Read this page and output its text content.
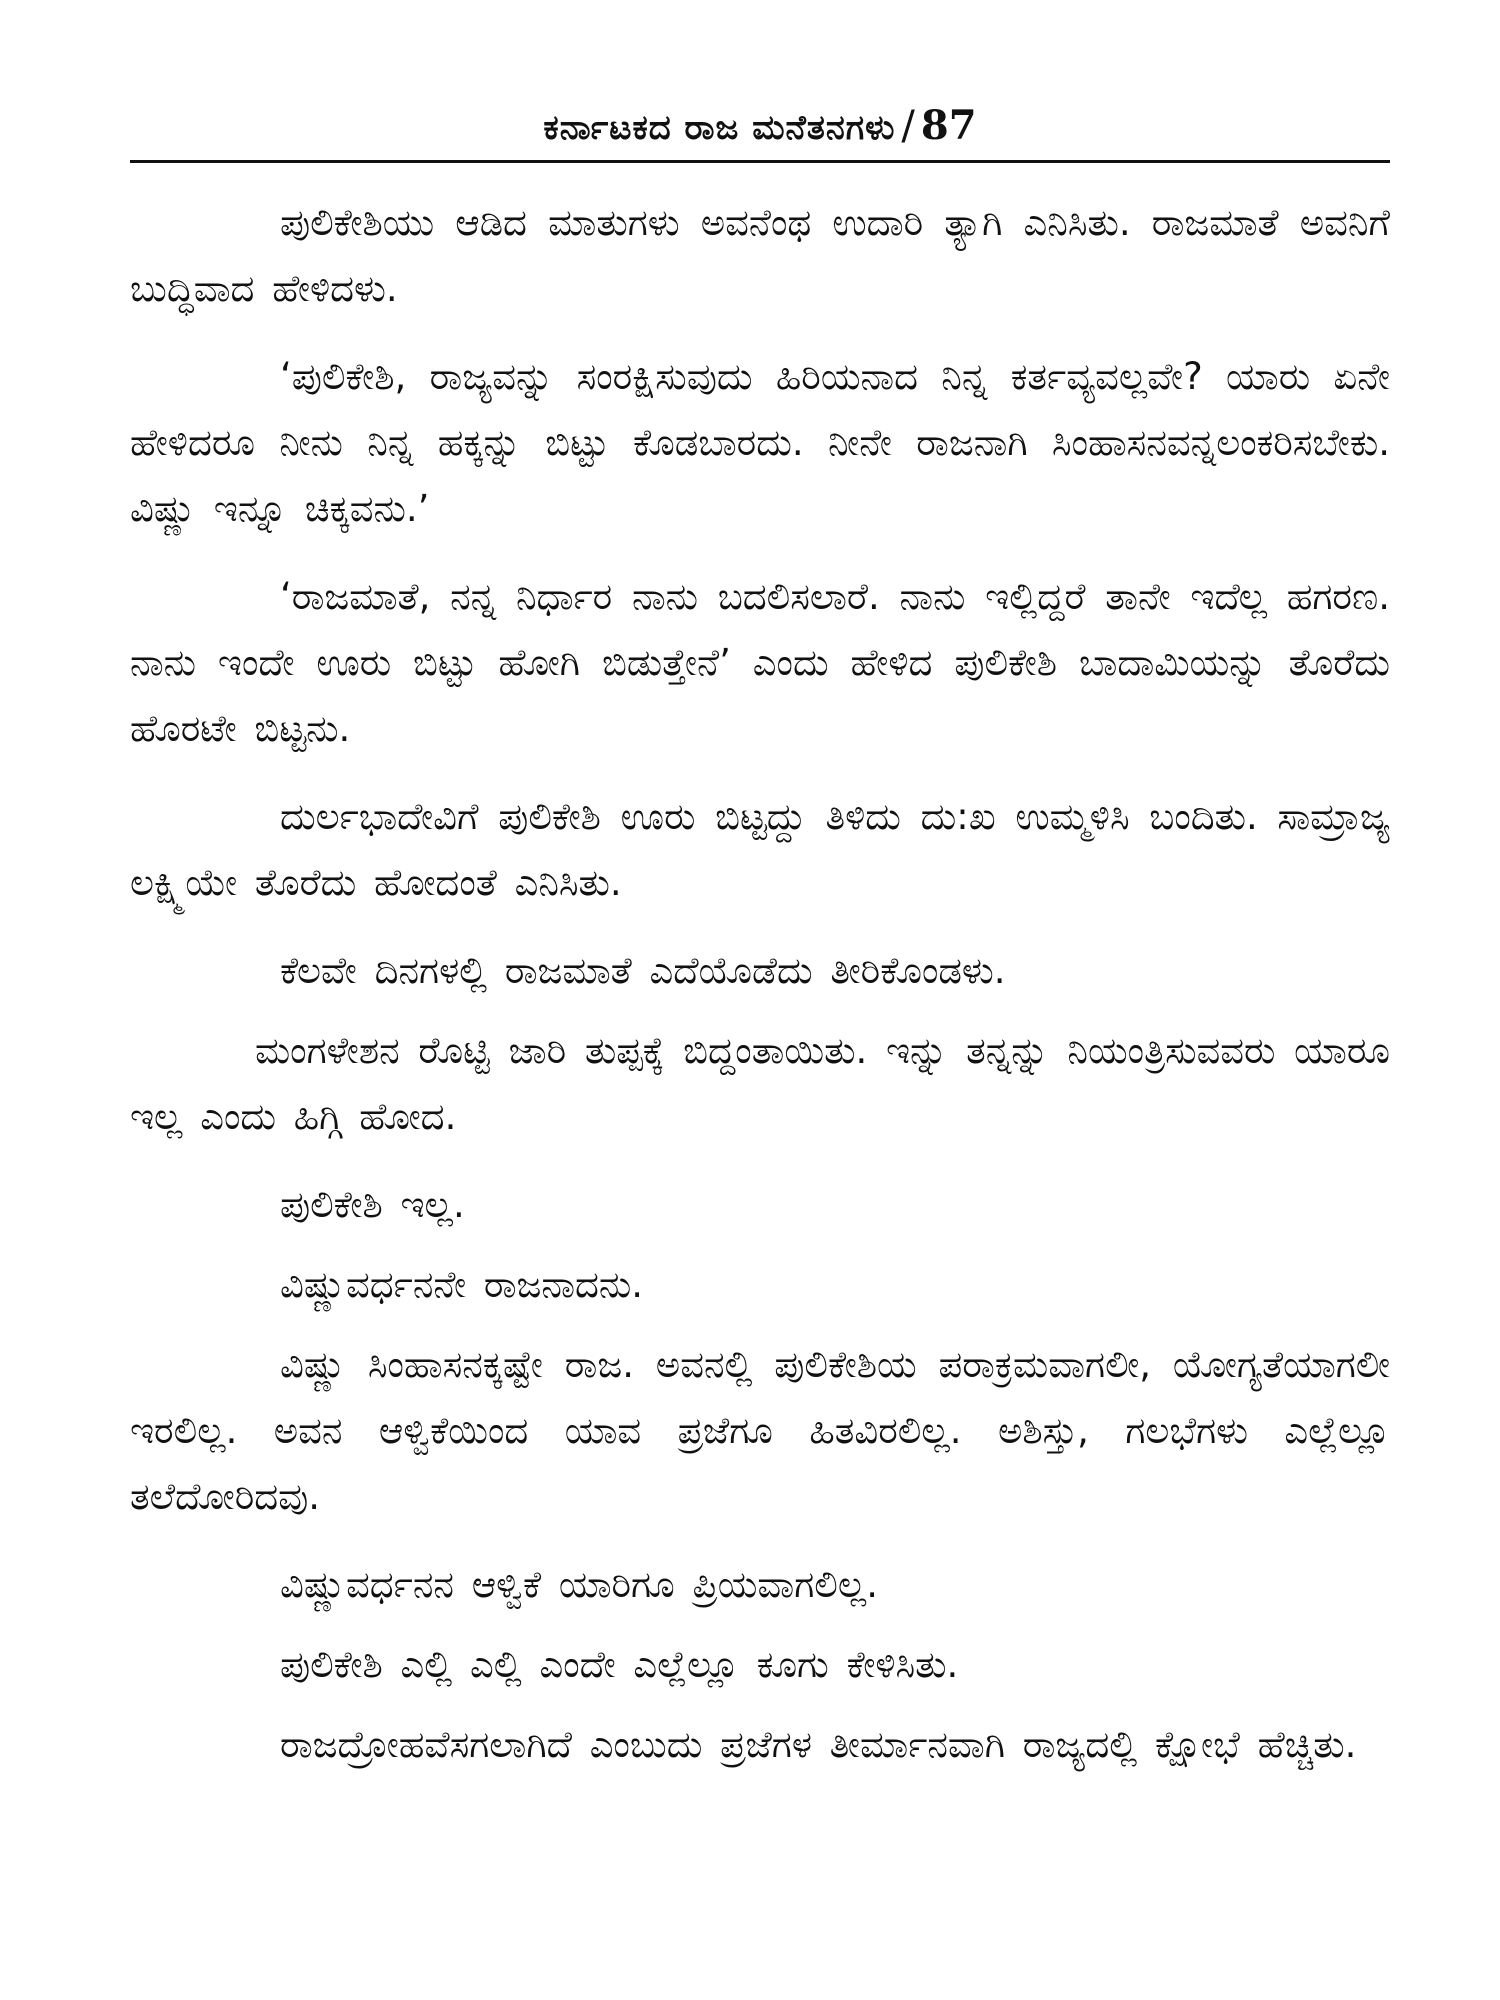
ಕರ್ನಾಟಕದ ರಾಜ ಮನೆತನಗಳು / 87

ಪುಲಿಕೇಶಿಯು ಆಡಿದ ಮಾತುಗಳು ಅವನೆಂಥ ಉದಾರಿ ತ್ಯಾಗಿ ಎನಿಸಿತು. ರಾಜಮಾತೆ ಅವನಿಗೆ ಬುದ್ಧಿವಾದ ಹೇಳಿದಳು.

‘ಪುಲಿಕೇಶಿ, ರಾಜ್ಯವನ್ನು ಸಂರಕ್ಷಿಸುವುದು ಹಿರಿಯನಾದ ನಿನ್ನ ಕರ್ತವ್ಯವಲ್ಲವೇ? ಯಾರು ಏನೇ ಹೇಳಿದರೂ ನೀನು ನಿನ್ನ ಹಕ್ಕನ್ನು ಬಿಟ್ಟು ಕೊಡಬಾರದು. ನೀನೇ ರಾಜನಾಗಿ ಸಿಂಹಾಸನವನ್ನಲಂಕರಿಸಬೇಕು. ವಿಷ್ಣು ಇನ್ನೂ ಚಿಕ್ಕವನು.’

‘ರಾಜಮಾತೆ, ನನ್ನ ನಿರ್ಧಾರ ನಾನು ಬದಲಿಸಲಾರೆ. ನಾನು ಇಲ್ಲಿದ್ದರೆ ತಾನೇ ಇದೆಲ್ಲ ಹಗರಣ. ನಾನು ಇಂದೇ ಊರು ಬಿಟ್ಟು ಹೋಗಿ ಬಿಡುತ್ತೇನೆ’ ಎಂದು ಹೇಳಿದ ಪುಲಿಕೇಶಿ ಬಾದಾಮಿಯನ್ನು ತೊರೆದು ಹೊರಟೇ ಬಿಟ್ಟನು.

ದುರ್ಲಭಾದೇವಿಗೆ ಪುಲಿಕೇಶಿ ಊರು ಬಿಟ್ಟದ್ದು ತಿಳಿದು ದು:ಖ ಉಮ್ಮಳಿಸಿ ಬಂದಿತು. ಸಾಮ್ರಾಜ್ಯ ಲಕ್ಷ್ಮಿಯೇ ತೊರೆದು ಹೋದಂತೆ ಎನಿಸಿತು.

ಕೆಲವೇ ದಿನಗಳಲ್ಲಿ ರಾಜಮಾತೆ ಎದೆಯೊಡೆದು ತೀರಿಕೊಂಡಳು.

ಮಂಗಳೇಶನ ರೊಟ್ಟಿ ಜಾರಿ ತುಪ್ಪಕ್ಕೆ ಬಿದ್ದಂತಾಯಿತು. ಇನ್ನು ತನ್ನನ್ನು ನಿಯಂತ್ರಿಸುವವರು ಯಾರೂ ಇಲ್ಲ ಎಂದು ಹಿಗ್ಗಿ ಹೋದ.

ಪುಲಿಕೇಶಿ ಇಲ್ಲ.

ವಿಷ್ಣುವರ್ಧನನೇ ರಾಜನಾದನು.

ವಿಷ್ಣು ಸಿಂಹಾಸನಕ್ಕಷ್ಟೇ ರಾಜ. ಅವನಲ್ಲಿ ಪುಲಿಕೇಶಿಯ ಪರಾಕ್ರಮವಾಗಲೀ, ಯೋಗ್ಯತೆಯಾಗಲೀ ಇರಲಿಲ್ಲ. ಅವನ ಆಳ್ವಿಕೆಯಿಂದ ಯಾವ ಪ್ರಜೆಗೂ ಹಿತವಿರಲಿಲ್ಲ. ಅಶಿಸ್ತು, ಗಲಭೆಗಳು ಎಲ್ಲೆಲ್ಲೂ ತಲೆದೋರಿದವು.

ವಿಷ್ಣುವರ್ಧನನ ಆಳ್ವಿಕೆ ಯಾರಿಗೂ ಪ್ರಿಯವಾಗಲಿಲ್ಲ.

ಪುಲಿಕೇಶಿ ಎಲ್ಲಿ ಎಲ್ಲಿ ಎಂದೇ ಎಲ್ಲೆಲ್ಲೂ ಕೂಗು ಕೇಳಿಸಿತು.

ರಾಜದ್ರೋಹವೆಸಗಲಾಗಿದೆ ಎಂಬುದು ಪ್ರಜೆಗಳ ತೀರ್ಮಾನವಾಗಿ ರಾಜ್ಯದಲ್ಲಿ ಕ್ಷೋಭೆ ಹೆಚ್ಚಿತು.
